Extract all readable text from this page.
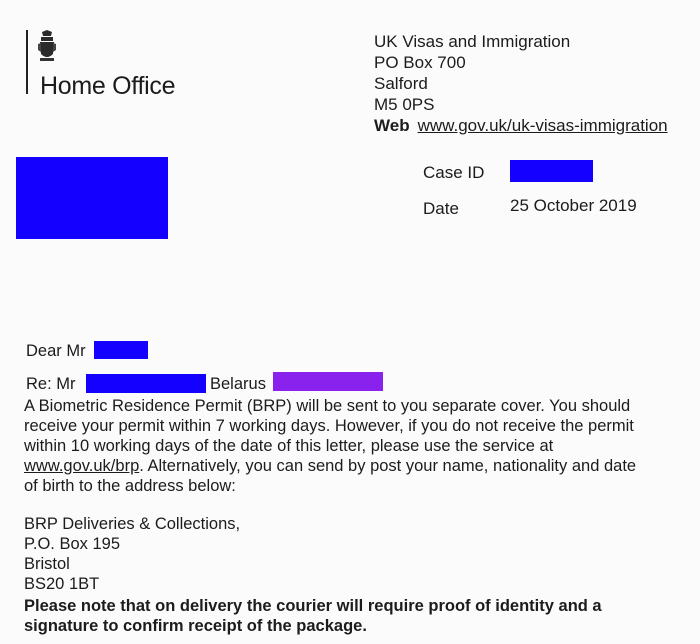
Home Office
UK Visas and Immigration
PO Box 700
Salford
M5 0PS
Web www.gov.uk/uk-visas-immigration
Case ID
Date	25 October 2019
Dear Mr
Re: Mr	Belarus
A Biometric Residence Permit (BRP) will be sent to you separate cover. You should
receive your permit within 7 working days. However, if you do not receive the permit
within 10 working days of the date of this letter, please use the service at
www.gov.uk/brp. Alternatively, you can send by post your name, nationality and date
of birth to the address below:
BRP Deliveries & Collections,
P.O. Box 195
Bristol
BS20 1BT
Please note that on delivery the courier will require proof of identity and a
signature to confirm receipt of the package.
